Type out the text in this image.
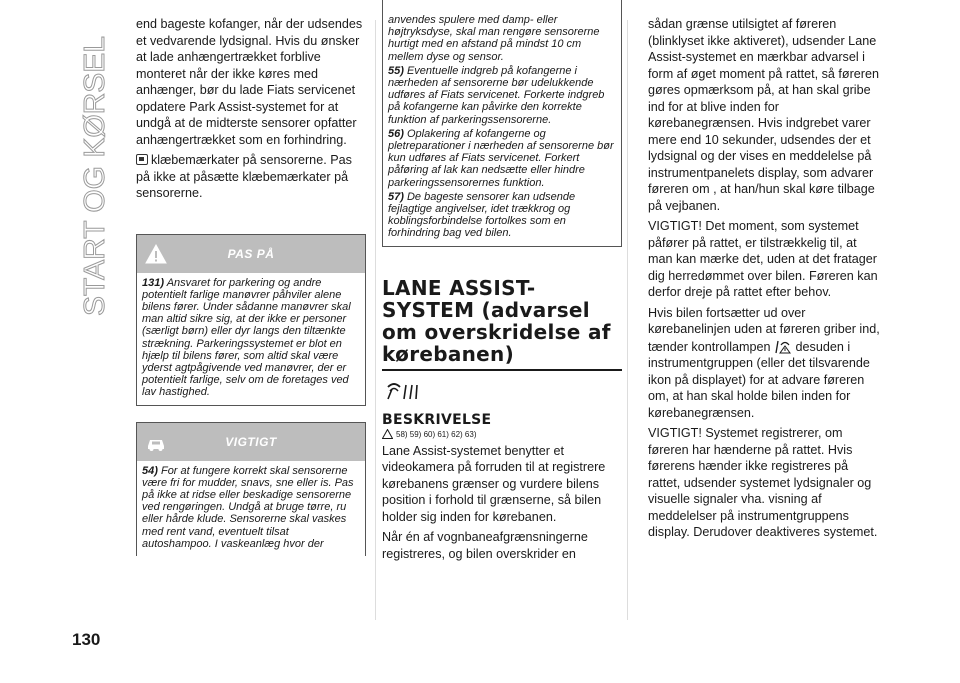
START OG KØRSEL
130

end bageste kofanger, når der udsendes et vedvarende lydsignal. Hvis du ønsker at lade anhængertrækket forblive monteret når der ikke køres med anhænger, bør du lade Fiats servicenet opdatere Park Assist-systemet for at undgå at de midterste sensorer opfatter anhængertrækket som en forhindring.

klæbemærkater på sensorerne. Pas på ikke at påsætte klæbemærkater på sensorerne.

PAS PÅ

131) Ansvaret for parkering og andre potentielt farlige manøvrer påhviler alene bilens fører. Under sådanne manøvrer skal man altid sikre sig, at der ikke er personer (særligt børn) eller dyr langs den tiltænkte strækning. Parkeringssystemet er blot en hjælp til bilens fører, som altid skal være yderst agtpågivende ved manøvrer, der er potentielt farlige, selv om de foretages ved lav hastighed.

VIGTIGT

54) For at fungere korrekt skal sensorerne være fri for mudder, snavs, sne eller is. Pas på ikke at ridse eller beskadige sensorerne ved rengøringen. Undgå at bruge tørre, ru eller hårde klude. Sensorerne skal vaskes med rent vand, eventuelt tilsat autoshampoo. I vaskeanlæg hvor der

anvendes spulere med damp- eller højtryksdyse, skal man rengøre sensorerne hurtigt med en afstand på mindst 10 cm mellem dyse og sensor.

55) Eventuelle indgreb på kofangerne i nærheden af sensorerne bør udelukkende udføres af Fiats servicenet. Forkerte indgreb på kofangerne kan påvirke den korrekte funktion af parkeringssensorerne.

56) Oplakering af kofangerne og pletreparationer i nærheden af sensorerne bør kun udføres af Fiats servicenet. Forkert påføring af lak kan nedsætte eller hindre parkeringssensorernes funktion.

57) De bageste sensorer kan udsende fejlagtige angivelser, idet trækkrog og koblingsforbindelse fortolkes som en forhindring bag ved bilen.

LANE ASSIST-
SYSTEM (advarsel
om overskridelse af
kørebanen)
BESKRIVELSE
58) 59) 60) 61) 62) 63)

Lane Assist-systemet benytter et videokamera på forruden til at registrere kørebanens grænser og vurdere bilens position i forhold til grænserne, så bilen holder sig inden for kørebanen.

Når én af vognbaneafgrænsningerne registreres, og bilen overskrider en

sådan grænse utilsigtet af føreren (blinklyset ikke aktiveret), udsender Lane Assist-systemet en mærkbar advarsel i form af øget moment på rattet, så føreren gøres opmærksom på, at han skal gribe ind for at blive inden for kørebanegrænsen. Hvis indgrebet varer mere end 10 sekunder, udsendes der et lydsignal og der vises en meddelelse på instrumentpanelets display, som advarer føreren om , at han/hun skal køre tilbage på vejbanen.

VIGTIGT! Det moment, som systemet påfører på rattet, er tilstrækkelig til, at man kan mærke det, uden at det fratager dig herredømmet over bilen. Føreren kan derfor dreje på rattet efter behov.

Hvis bilen fortsætter ud over kørebanelinjen uden at føreren griber ind, tænder kontrollampen desuden i instrumentgruppen (eller det tilsvarende ikon på displayet) for at advare føreren om, at han skal holde bilen inden for kørebanegrænsen.

VIGTIGT! Systemet registrerer, om føreren har hænderne på rattet. Hvis førerens hænder ikke registreres på rattet, udsender systemet lydsignaler og visuelle signaler vha. visning af meddelelser på instrumentgruppens display. Derudover deaktiveres systemet.
